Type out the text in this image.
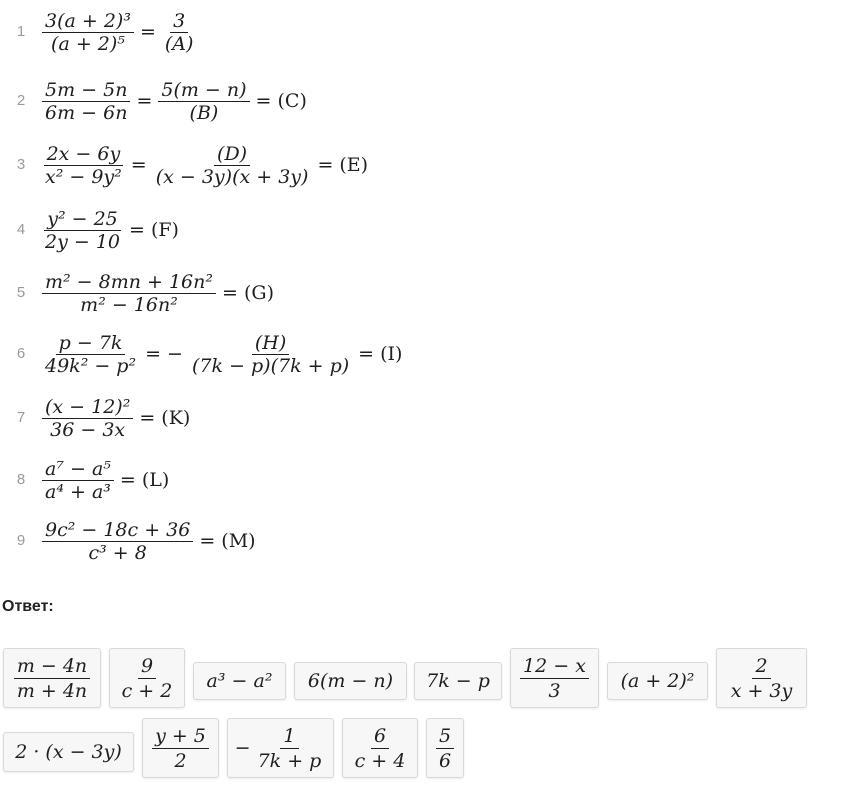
$1 \frac{\text{3(a + 2)³}}{\text{(a + 2)⁵}} = \frac{3}{(A)}$
$2 \frac{5m - 5n}{6m - 6n} = \frac{5(m - n)}{(B)} = (C)$
$3 \frac{2x - 6y}{\text{x² − 9y²}} = \frac{(D)}{(x - 3y)(x + 3y)} = (E)$
$4 \frac{\text{y² − 25}}{2y - 10} = (F)$
$5 \frac{\text{m² − 8mn + 16n²}}{\text{m² − 16n²}} = (G)$
$6 \frac{p - 7k}{\text{49k² − p²}}$ = − $\frac{(H)}{(7k - p)(7k + p)} = (I)$
$7 \frac{\text{(x − 12)²}}{36 - 3x} = (K)$
$8 \frac{\text{a⁷ − a⁵}}{\text{a⁴ + a³}} = (L)$
$9 \frac{\text{9c² − 18c + 36}}{\text{c³ + 8}} = (M)$
Ответ:
$\frac{m - 4n}{m + 4n} \frac{9}{c + 2} a^3 - a^2$ 6(m − n) 7k − p $\frac{12 - x}{3} (a + 2)^2 \frac{2}{x + 3y}$
$2 \cdot (x - 3y) \frac{y + 5}{2} - \frac{1}{7k + p} \frac{6}{c + 4} \frac{5}{6}$
